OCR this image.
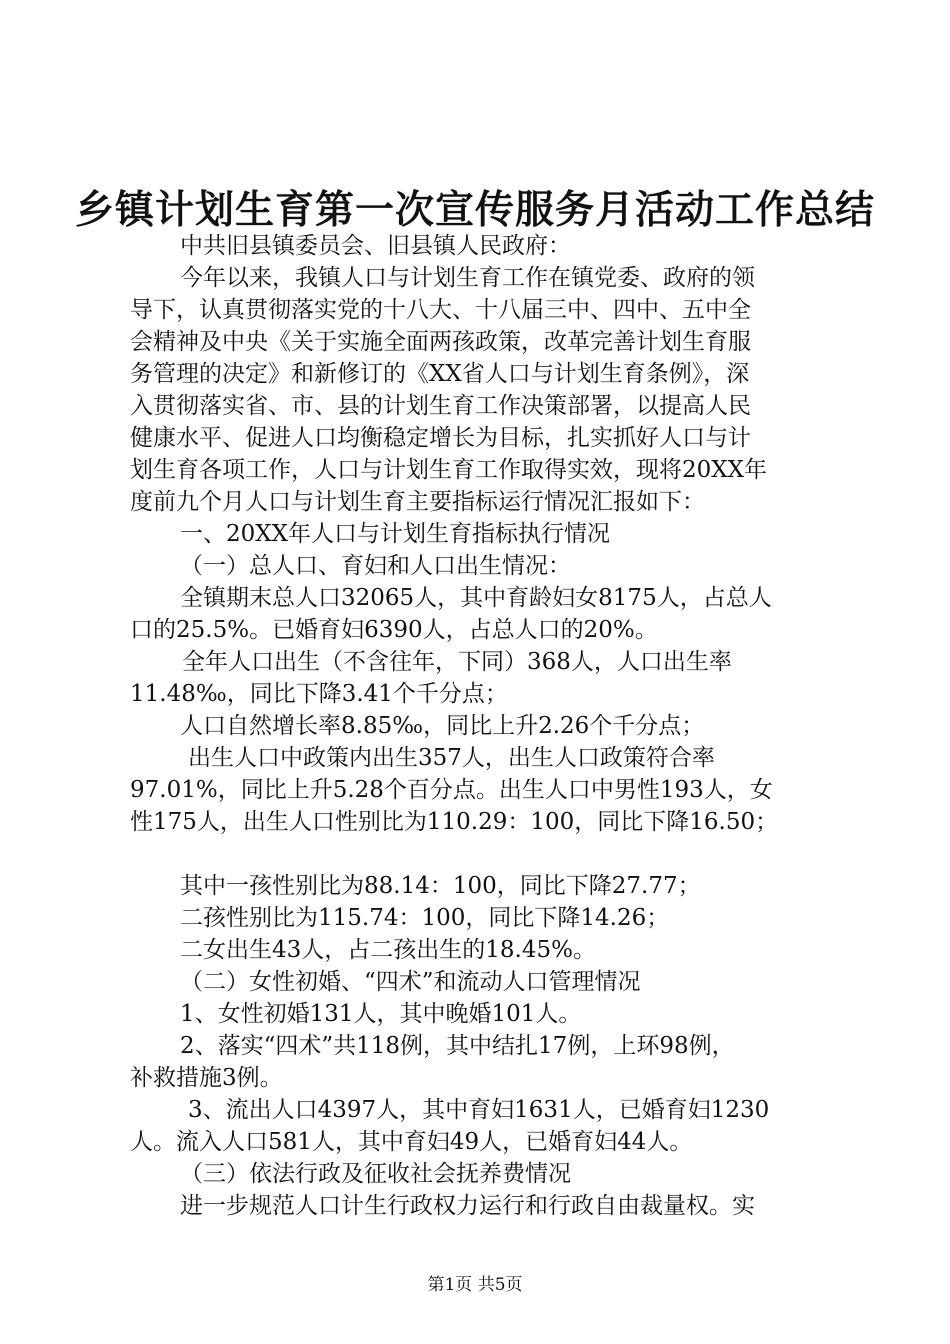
乡镇计划生育第一次宣传服务月活动工作总结
中共旧县镇委员会、旧县镇人民政府：
今年以来，我镇人口与计划生育工作在镇党委、政府的领
导下，认真贯彻落实党的十八大、十八届三中、四中、五中全
会精神及中央《关于实施全面两孩政策，改革完善计划生育服
务管理的决定》和新修订的《XX省人口与计划生育条例》，深
入贯彻落实省、市、县的计划生育工作决策部署，以提高人民
健康水平、促进人口均衡稳定增长为目标，扎实抓好人口与计
划生育各项工作，人口与计划生育工作取得实效，现将20XX年
度前九个月人口与计划生育主要指标运行情况汇报如下：
一、20XX年人口与计划生育指标执行情况
（一）总人口、育妇和人口出生情况：
全镇期末总人口32065人，其中育龄妇女8175人，占总人
口的25.5%。已婚育妇6390人，占总人口的20%。
全年人口出生（不含往年，下同）368人，人口出生率
11.48‰，同比下降3.41个千分点；
人口自然增长率8.85‰，同比上升2.26个千分点；
出生人口中政策内出生357人，出生人口政策符合率
97.01%，同比上升5.28个百分点。出生人口中男性193人，女
性175人，出生人口性别比为110.29：100，同比下降16.50；
其中一孩性别比为88.14：100，同比下降27.77；
二孩性别比为115.74：100，同比下降14.26；
二女出生43人，占二孩出生的18.45%。
（二）女性初婚、“四术”和流动人口管理情况
1、女性初婚131人，其中晚婚101人。
2、落实“四术”共118例，其中结扎17例，上环98例，
补救措施3例。
3、流出人口4397人，其中育妇1631人，已婚育妇1230
人。流入人口581人，其中育妇49人，已婚育妇44人。
（三）依法行政及征收社会抚养费情况
进一步规范人口计生行政权力运行和行政自由裁量权。实
第1页 共5页
